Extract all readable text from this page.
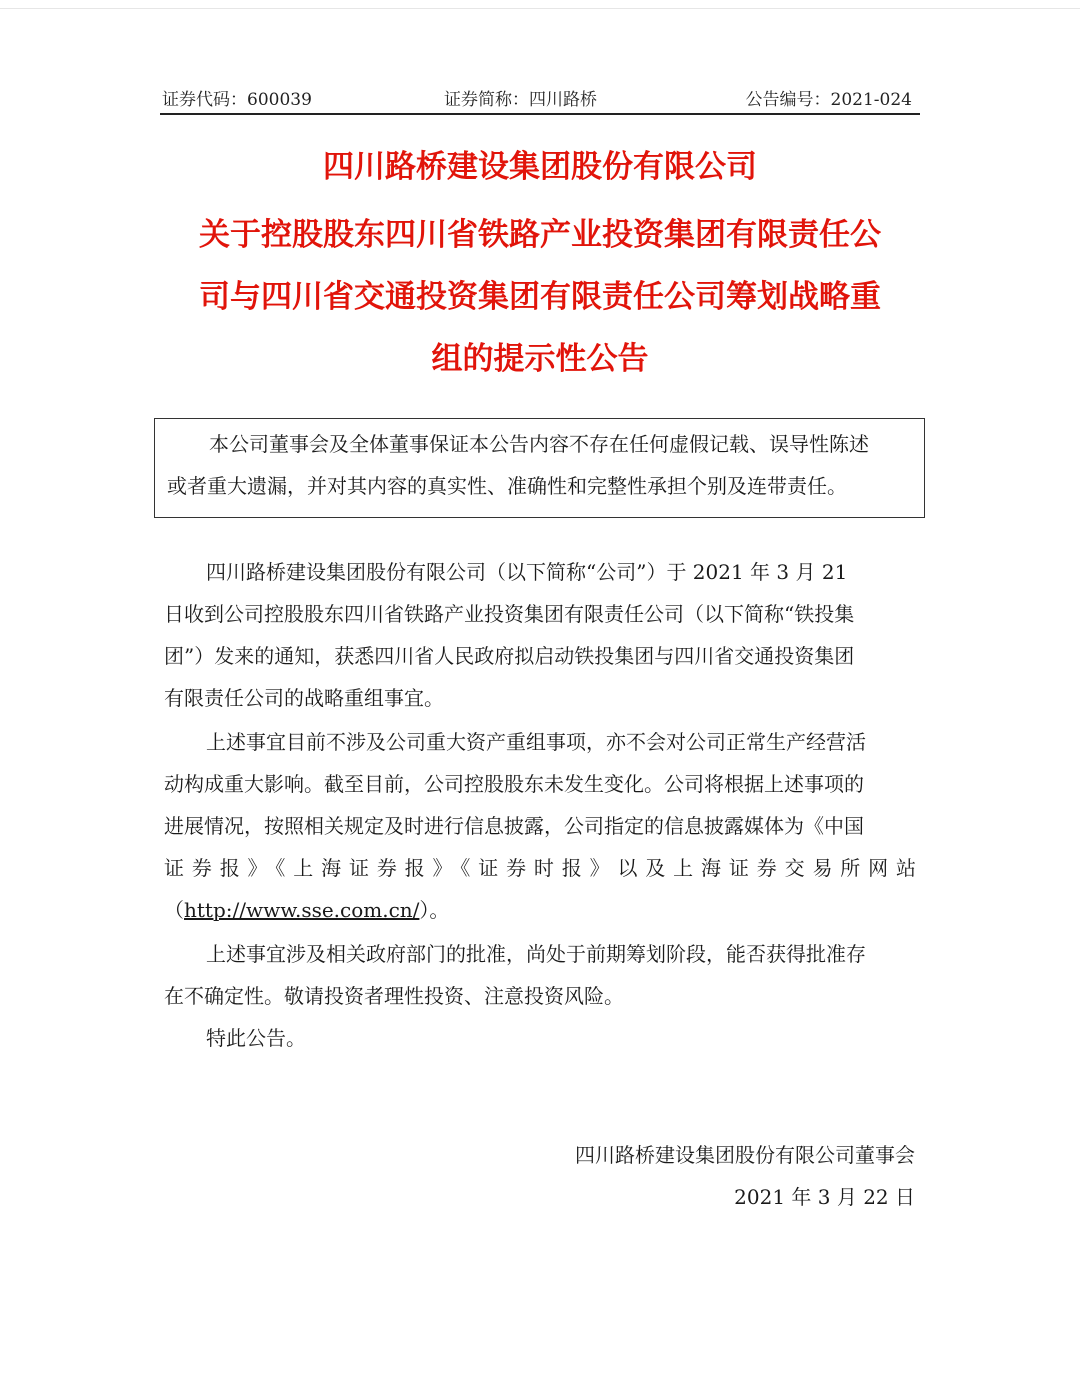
证券代码：600039	证券简称：四川路桥	公告编号：2021-024
四川路桥建设集团股份有限公司
关于控股股东四川省铁路产业投资集团有限责任公
司与四川省交通投资集团有限责任公司筹划战略重
组的提示性公告

本公司董事会及全体董事保证本公告内容不存在任何虚假记载、误导性陈述

或者重大遗漏，并对其内容的真实性、准确性和完整性承担个别及连带责任。

四川路桥建设集团股份有限公司（以下简称“公司”）于 2021 年 3 月 21

日收到公司控股股东四川省铁路产业投资集团有限责任公司（以下简称“铁投集

团”）发来的通知，获悉四川省人民政府拟启动铁投集团与四川省交通投资集团

有限责任公司的战略重组事宜。

上述事宜目前不涉及公司重大资产重组事项，亦不会对公司正常生产经营活

动构成重大影响。截至目前，公司控股股东未发生变化。公司将根据上述事项的

进展情况，按照相关规定及时进行信息披露，公司指定的信息披露媒体为《中国

证券报》《上海证券报》《证券时报》以及上海证券交易所网站

（http://www.sse.com.cn/）。

上述事宜涉及相关政府部门的批准，尚处于前期筹划阶段，能否获得批准存

在不确定性。敬请投资者理性投资、注意投资风险。

特此公告。

四川路桥建设集团股份有限公司董事会
2021 年 3 月 22 日
